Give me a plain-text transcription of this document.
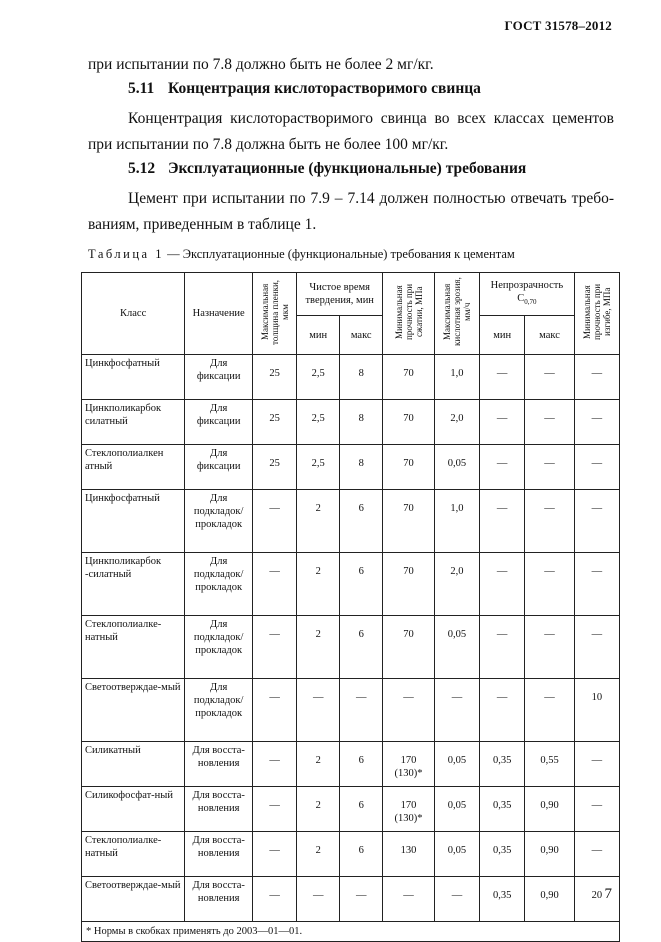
ГОСТ 31578–2012
при испытании по 7.8 должно быть не более 2 мг/кг.
5.11 Концентрация кислоторастворимого свинца
Концентрация кислоторастворимого свинца во всех классах цементов
при испытании по 7.8 должна быть не более 100 мг/кг.
5.12 Эксплуатационные (функциональные) требования
Цемент при испытании по 7.9 – 7.14 должен полностью отвечать требо-
ваниям, приведенным в таблице 1.
Таблица 1 — Эксплуатационные (функциональные) требования к цементам
Класс	Назначение	Максимальная толщина пленки, мкм	Чистое время твердения, мин		Минимальная прочность при сжатии, МПа	Максимальная кислотная эрозия, мм/ч	Непрозрачность $С_{0,70}$		Минимальная прочность при изгибе, МПа
			мин	макс			мин	макс	
Цинкфосфатный	Для фиксации	25	2,5	8	70	1,0	—	—	—
Цинкполикарбок силатный	Для фиксации	25	2,5	8	70	2,0	—	—	—
Стеклополиалкен атный	Для фиксации	25	2,5	8	70	0,05	—	—	—
Цинкфосфатный	Для подкладок/ прокладок	—	2	6	70	1,0	—	—	—
Цинкполикарбок -силатный	Для подкладок/ прокладок	—	2	6	70	2,0	—	—	—
Стеклополиалке-натный	Для подкладок/ прокладок	—	2	6	70	0,05	—	—	—
Светоотверждае-мый	Для подкладок/ прокладок	—	—	—	—	—	—	—	10
Силикатный	Для восста-новления	—	2	6	170 (130)*	0,05	0,35	0,55	—
Силикофосфат-ный	Для восста-новления	—	2	6	170 (130)*	0,05	0,35	0,90	—
Стеклополиалке-натный	Для восста-новления	—	2	6	130	0,05	0,35	0,90	—
Светоотверждае-мый	Для восста-новления	—	—	—	—	—	0,35	0,90	20
* Нормы в скобках применять до 2003—01—01.									
7
